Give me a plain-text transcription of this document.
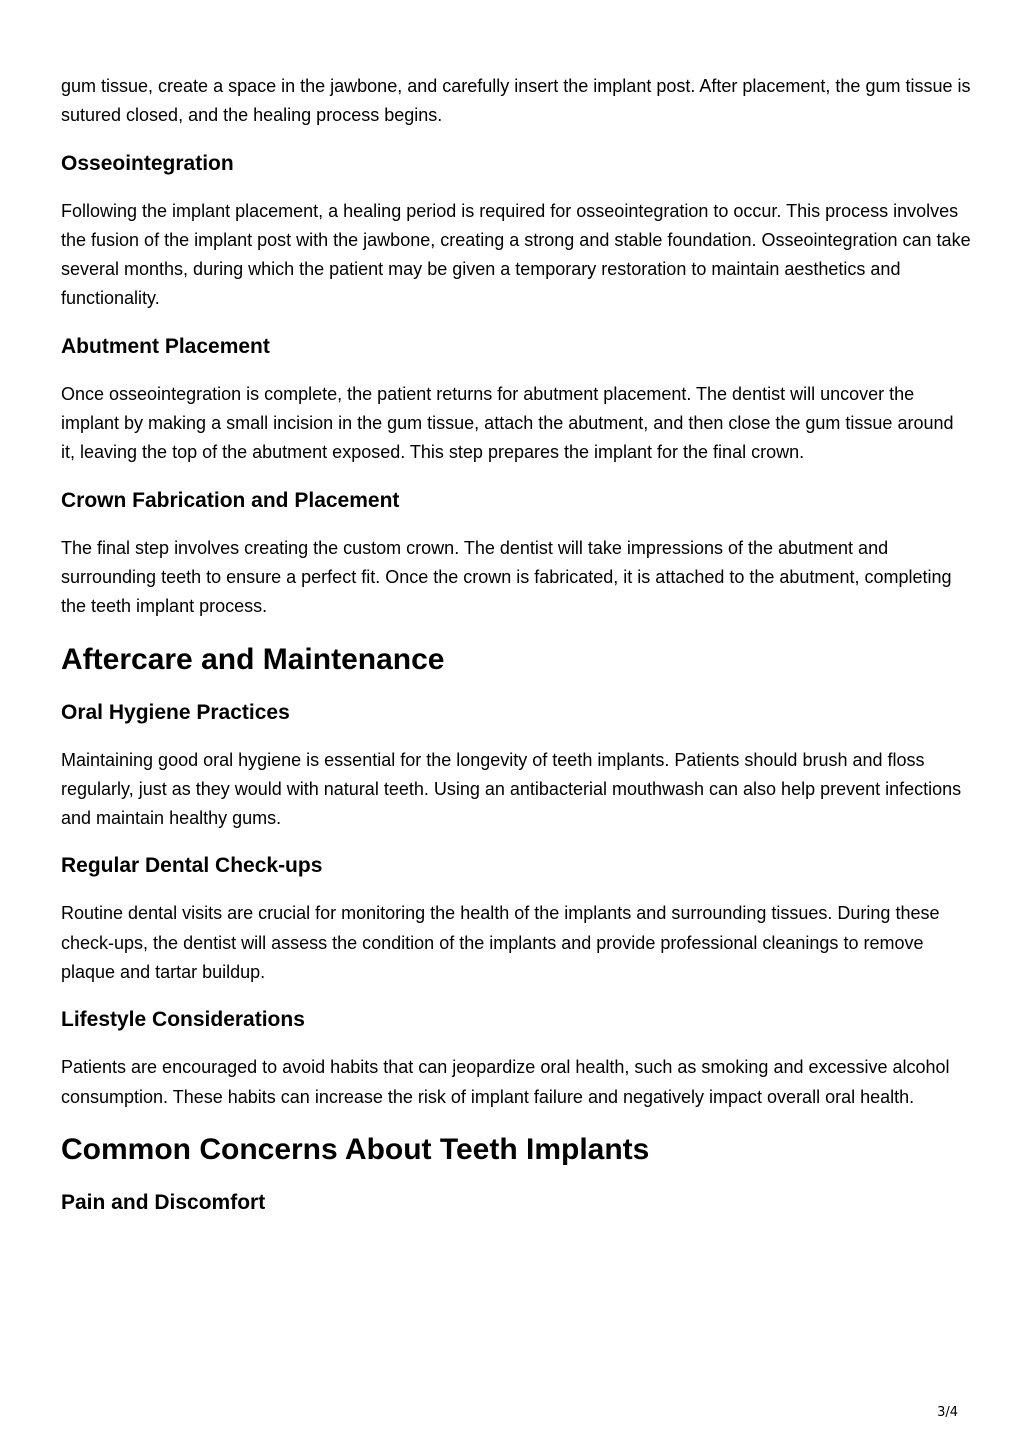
gum tissue, create a space in the jawbone, and carefully insert the implant post. After placement, the gum tissue is sutured closed, and the healing process begins.

Osseointegration

Following the implant placement, a healing period is required for osseointegration to occur. This process involves the fusion of the implant post with the jawbone, creating a strong and stable foundation. Osseointegration can take several months, during which the patient may be given a temporary restoration to maintain aesthetics and functionality.

Abutment Placement

Once osseointegration is complete, the patient returns for abutment placement. The dentist will uncover the implant by making a small incision in the gum tissue, attach the abutment, and then close the gum tissue around it, leaving the top of the abutment exposed. This step prepares the implant for the final crown.

Crown Fabrication and Placement

The final step involves creating the custom crown. The dentist will take impressions of the abutment and surrounding teeth to ensure a perfect fit. Once the crown is fabricated, it is attached to the abutment, completing the teeth implant process.

Aftercare and Maintenance
Oral Hygiene Practices

Maintaining good oral hygiene is essential for the longevity of teeth implants. Patients should brush and floss regularly, just as they would with natural teeth. Using an antibacterial mouthwash can also help prevent infections and maintain healthy gums.

Regular Dental Check-ups

Routine dental visits are crucial for monitoring the health of the implants and surrounding tissues. During these check-ups, the dentist will assess the condition of the implants and provide professional cleanings to remove plaque and tartar buildup.

Lifestyle Considerations

Patients are encouraged to avoid habits that can jeopardize oral health, such as smoking and excessive alcohol consumption. These habits can increase the risk of implant failure and negatively impact overall oral health.

Common Concerns About Teeth Implants
Pain and Discomfort
3/4
